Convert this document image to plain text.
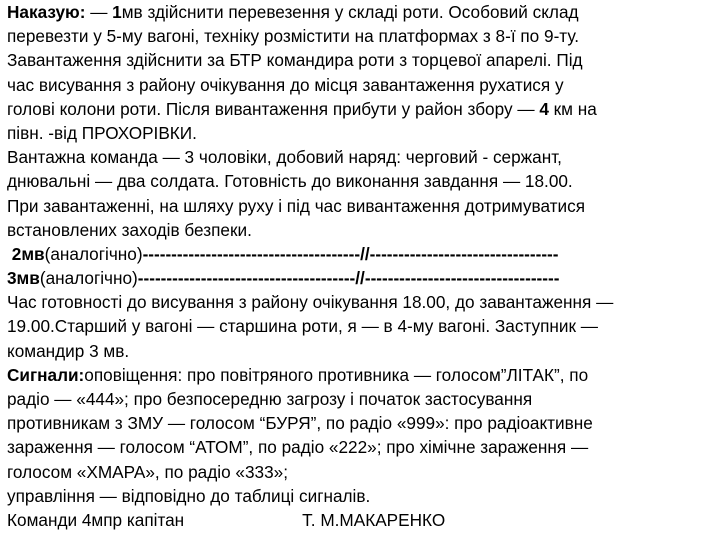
Наказую: — 1мв здійснити перевезення у складі роти. Особовий склад
перевезти у 5-му вагоні, техніку розмістити на платформах з 8-ї по 9-ту.
Завантаження здійснити за БТР командира роти з торцевої апарелі. Під
час висування з району очікування до місця завантаження рухатися у
голові колони роти. Після вивантаження прибути у район збору — 4 км на
півн. -від ПРОХОРІВКИ.
Вантажна команда — 3 чоловіки, добовий наряд: черговий - сержант,
днювальні — два солдата. Готовність до виконання завдання — 18.00.
При завантаженні, на шляху руху і під час вивантаження дотримуватися
встановлених заходів безпеки.
2мв(аналогічно)--------------------------------------//---------------------------------
3мв(аналогічно)--------------------------------------//----------------------------------
Час готовності до висування з району очікування 18.00, до завантаження —
19.00.Старший у вагоні — старшина роти, я — в 4-му вагоні. Заступник —
командир 3 мв.
Сигнали:оповіщення: про повітряного противника — голосом”ЛІТАК”, по
радіо — «444»; про безпосередню загрозу і початок застосування
противникам з ЗМУ — голосом “БУРЯ”, по радіо «999»: про радіоактивне
зараження — голосом “АТОМ”, по радіо «222»; про хімічне зараження —
голосом «ХМАРА», по радіо «333»;
управління — відповідно до таблиці сигналів.
Команди 4мпр капітан	Т. М.МАКАРЕНКО
